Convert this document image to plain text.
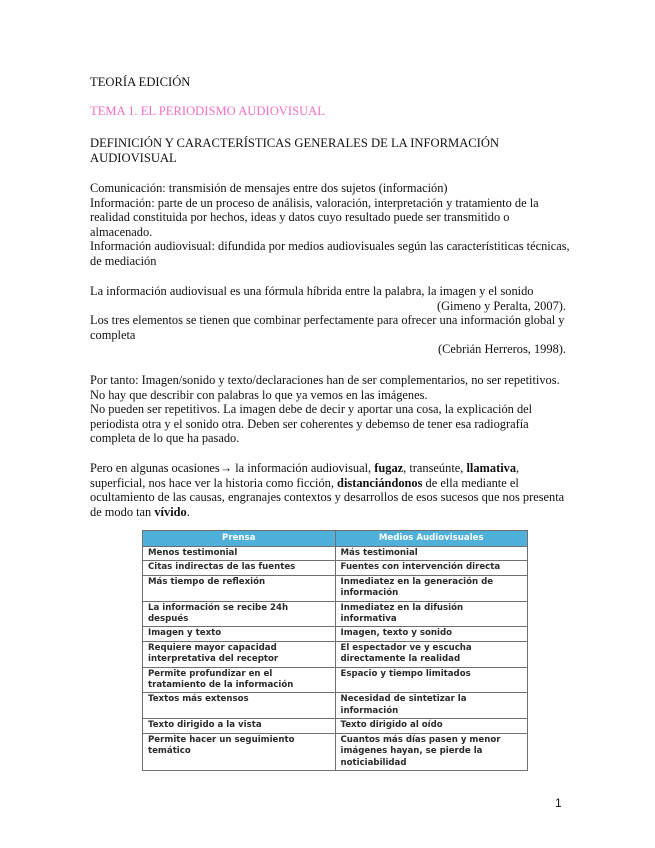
TEORÍA EDICIÓN
TEMA 1. EL PERIODISMO AUDIOVISUAL
DEFINICIÓN Y CARACTERÍSTICAS GENERALES DE LA INFORMACIÓN AUDIOVISUAL

Comunicación: transmisión de mensajes entre dos sujetos (información)

Información: parte de un proceso de análisis, valoración, interpretación y tratamiento de la realidad constituida por hechos, ideas y datos cuyo resultado puede ser transmitido o almacenado.

Información audiovisual: difundida por medios audiovisuales según las característiticas técnicas, de mediación

La información audiovisual es una fórmula híbrida entre la palabra, la imagen y el sonido

(Gimeno y Peralta, 2007).

Los tres elementos se tienen que combinar perfectamente para ofrecer una información global y completa

(Cebrián Herreros, 1998).

Por tanto: Imagen/sonido y texto/declaraciones han de ser complementarios, no ser repetitivos. No hay que describir con palabras lo que ya vemos en las imágenes.

No pueden ser repetitivos. La imagen debe de decir y aportar una cosa, la explicación del periodista otra y el sonido otra. Deben ser coherentes y debemso de tener esa radiografía completa de lo que ha pasado.

Pero en algunas ocasiones→ la información audiovisual, fugaz, transeúnte, llamativa, superficial, nos hace ver la historia como ficción, distanciándonos de ella mediante el ocultamiento de las causas, engranajes contextos y desarrollos de esos sucesos que nos presenta de modo tan vívido.

Prensa	Medios Audiovisuales
Menos testimonial	Más testimonial
Citas indirectas de las fuentes	Fuentes con intervención directa
Más tiempo de reflexión	Inmediatez en la generación de información
La información se recibe 24h después	Inmediatez en la difusión informativa
Imagen y texto	Imagen, texto y sonido
Requiere mayor capacidad interpretativa del receptor	El espectador ve y escucha directamente la realidad
Permite profundizar en el tratamiento de la información	Espacio y tiempo limitados
Textos más extensos	Necesidad de sintetizar la información
Texto dirigido a la vista	Texto dirigido al oído
Permite hacer un seguimiento temático	Cuantos más días pasen y menor imágenes hayan, se pierde la noticiabilidad
1
